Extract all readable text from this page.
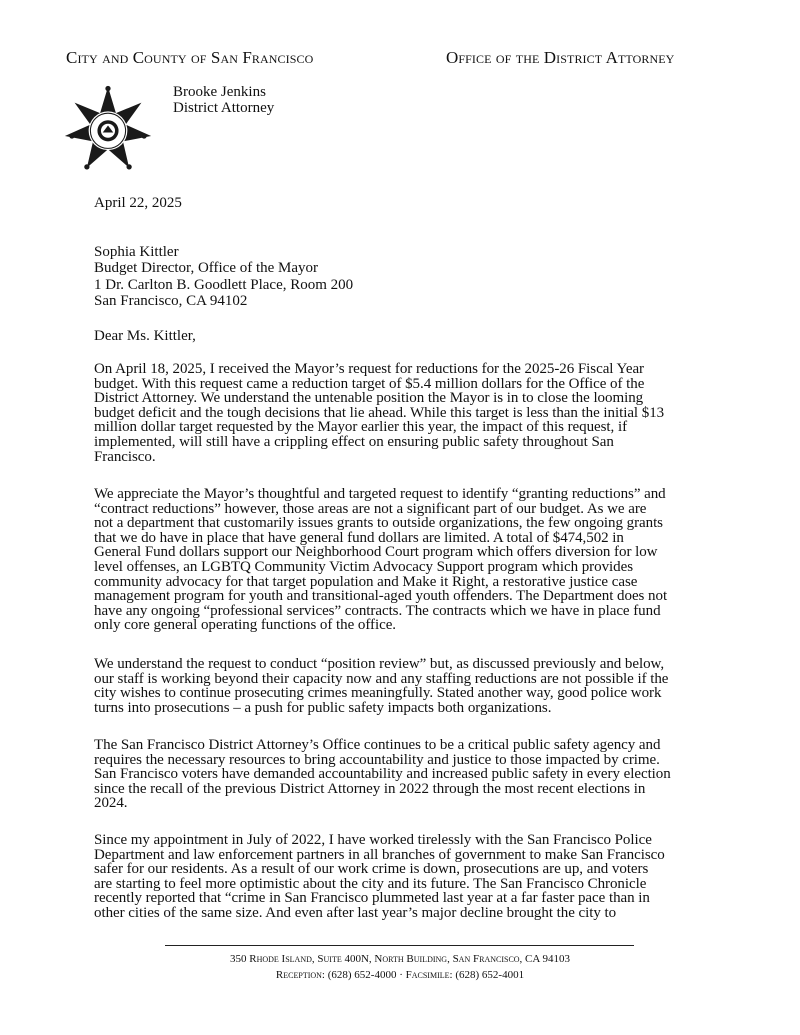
City and County of San Francisco	Office of the District Attorney
Brooke Jenkins
District Attorney
April 22, 2025
Sophia Kittler
Budget Director, Office of the Mayor
1 Dr. Carlton B. Goodlett Place, Room 200
San Francisco, CA 94102
Dear Ms. Kittler,
On April 18, 2025, I received the Mayor’s request for reductions for the 2025-26 Fiscal Year
budget. With this request came a reduction target of $5.4 million dollars for the Office of the
District Attorney. We understand the untenable position the Mayor is in to close the looming
budget deficit and the tough decisions that lie ahead. While this target is less than the initial $13
million dollar target requested by the Mayor earlier this year, the impact of this request, if
implemented, will still have a crippling effect on ensuring public safety throughout San
Francisco.
We appreciate the Mayor’s thoughtful and targeted request to identify “granting reductions” and
“contract reductions” however, those areas are not a significant part of our budget. As we are
not a department that customarily issues grants to outside organizations, the few ongoing grants
that we do have in place that have general fund dollars are limited. A total of $474,502 in
General Fund dollars support our Neighborhood Court program which offers diversion for low
level offenses, an LGBTQ Community Victim Advocacy Support program which provides
community advocacy for that target population and Make it Right, a restorative justice case
management program for youth and transitional-aged youth offenders. The Department does not
have any ongoing “professional services” contracts. The contracts which we have in place fund
only core general operating functions of the office.
We understand the request to conduct “position review” but, as discussed previously and below,
our staff is working beyond their capacity now and any staffing reductions are not possible if the
city wishes to continue prosecuting crimes meaningfully. Stated another way, good police work
turns into prosecutions – a push for public safety impacts both organizations.
The San Francisco District Attorney’s Office continues to be a critical public safety agency and
requires the necessary resources to bring accountability and justice to those impacted by crime.
San Francisco voters have demanded accountability and increased public safety in every election
since the recall of the previous District Attorney in 2022 through the most recent elections in
2024.
Since my appointment in July of 2022, I have worked tirelessly with the San Francisco Police
Department and law enforcement partners in all branches of government to make San Francisco
safer for our residents. As a result of our work crime is down, prosecutions are up, and voters
are starting to feel more optimistic about the city and its future. The San Francisco Chronicle
recently reported that “crime in San Francisco plummeted last year at a far faster pace than in
other cities of the same size. And even after last year’s major decline brought the city to
350 Rhode Island, Suite 400N, North Building, San Francisco, CA 94103
Reception: (628) 652-4000 · Facsimile: (628) 652-4001
